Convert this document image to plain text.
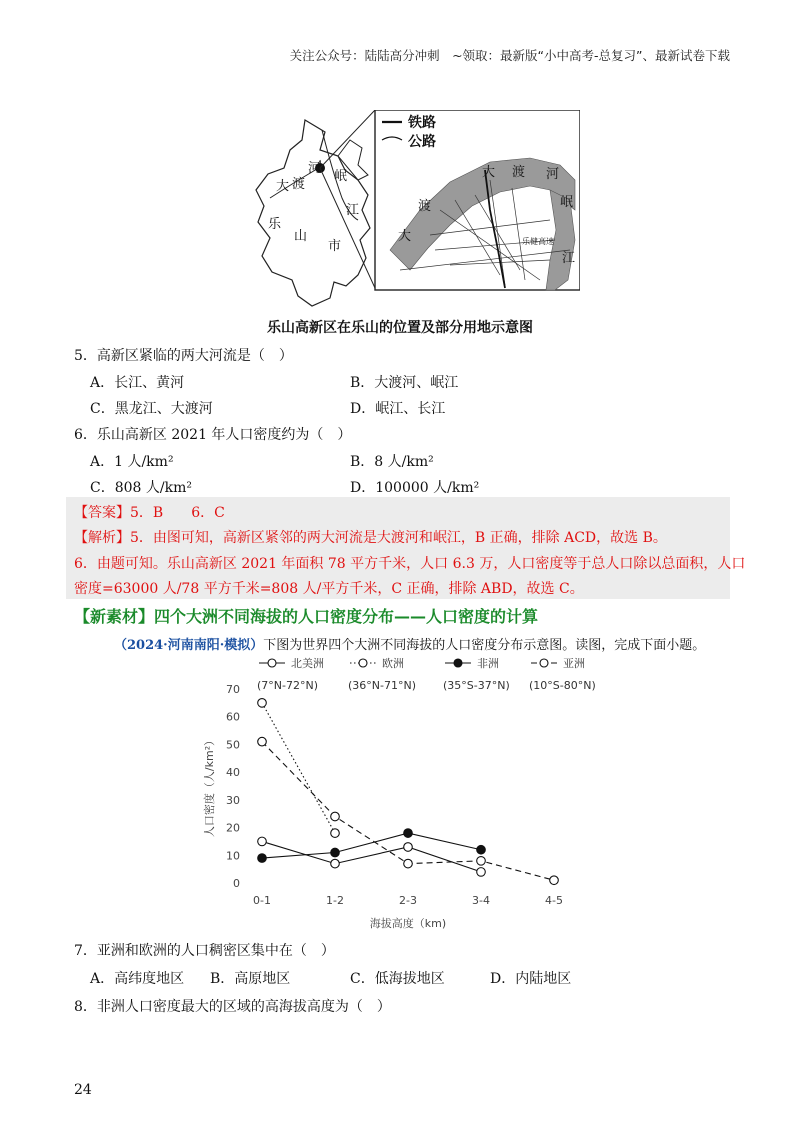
关注公众号：陆陆高分冲刺　~领取：最新版“小中高考-总复习”、最新试卷下载
铁路
公路
大 渡
河
岷
江
乐
山
市
大 渡 河
渡
大
岷
江
乐健高速
乐山高新区在乐山的位置及部分用地示意图
5．高新区紧临的两大河流是（　）
A．长江、黄河	B．大渡河、岷江
C．黑龙江、大渡河	D．岷江、长江
6．乐山高新区 2021 年人口密度约为（　）
A．1 人/km²	B．8 人/km²
C．808 人/km²	D．100000 人/km²
【答案】5．B　　6．C
【解析】5．由图可知，高新区紧邻的两大河流是大渡河和岷江，B 正确，排除 ACD，故选 B。
6．由题可知。乐山高新区 2021 年面积 78 平方千米，人口 6.3 万，人口密度等于总人口除以总面积，人口
密度=63000 人/78 平方千米=808 人/平方千米，C 正确，排除 ABD，故选 C。
【新素材】四个大洲不同海拔的人口密度分布——人口密度的计算
（2024·河南南阳·模拟）下图为世界四个大洲不同海拔的人口密度分布示意图。读图，完成下面小题。
0
10
20
30
40
50
60
70
0-1	1-2	2-3	3-4	4-5
海拔高度（km)
人口密度（人/km²）
北美洲
(7°N-72°N)
欧洲
(36°N-71°N)
非洲
(35°S-37°N)
亚洲
(10°S-80°N)
7．亚洲和欧洲的人口稠密区集中在（　）
A．高纬度地区 B．高原地区	C．低海拔地区	D．内陆地区
8．非洲人口密度最大的区域的高海拔高度为（　）
24
